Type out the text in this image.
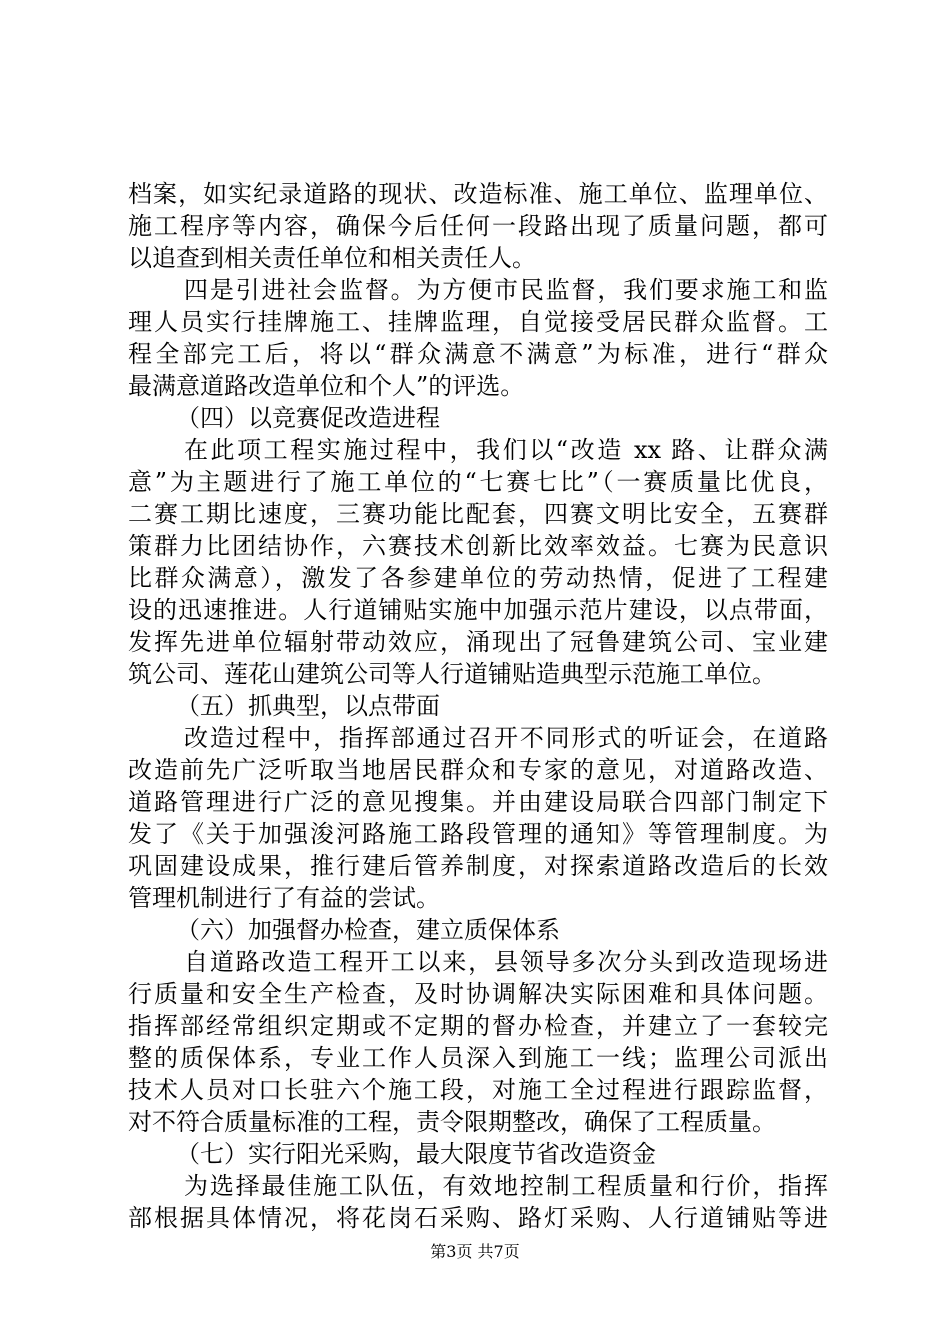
档案，如实纪录道路的现状、改造标准、施工单位、监理单位、
施工程序等内容，确保今后任何一段路出现了质量问题，都可
以追查到相关责任单位和相关责任人。
四是引进社会监督。为方便市民监督，我们要求施工和监
理人员实行挂牌施工、挂牌监理，自觉接受居民群众监督。工
程全部完工后，将以“群众满意不满意”为标准，进行“群众
最满意道路改造单位和个人”的评选。
（四）以竞赛促改造进程
在此项工程实施过程中，我们以“改造 xx 路、让群众满
意”为主题进行了施工单位的“七赛七比”（一赛质量比优良，
二赛工期比速度，三赛功能比配套，四赛文明比安全，五赛群
策群力比团结协作，六赛技术创新比效率效益。七赛为民意识
比群众满意），激发了各参建单位的劳动热情，促进了工程建
设的迅速推进。人行道铺贴实施中加强示范片建设，以点带面，
发挥先进单位辐射带动效应，涌现出了冠鲁建筑公司、宝业建
筑公司、莲花山建筑公司等人行道铺贴造典型示范施工单位。
（五）抓典型，以点带面
改造过程中，指挥部通过召开不同形式的听证会，在道路
改造前先广泛听取当地居民群众和专家的意见，对道路改造、
道路管理进行广泛的意见搜集。并由建设局联合四部门制定下
发了《关于加强浚河路施工路段管理的通知》等管理制度。为
巩固建设成果，推行建后管养制度，对探索道路改造后的长效
管理机制进行了有益的尝试。
（六）加强督办检查，建立质保体系
自道路改造工程开工以来，县领导多次分头到改造现场进
行质量和安全生产检查，及时协调解决实际困难和具体问题。
指挥部经常组织定期或不定期的督办检查，并建立了一套较完
整的质保体系，专业工作人员深入到施工一线；监理公司派出
技术人员对口长驻六个施工段，对施工全过程进行跟踪监督，
对不符合质量标准的工程，责令限期整改，确保了工程质量。
（七）实行阳光采购，最大限度节省改造资金
为选择最佳施工队伍，有效地控制工程质量和行价，指挥
部根据具体情况，将花岗石采购、路灯采购、人行道铺贴等进
第3页 共7页
